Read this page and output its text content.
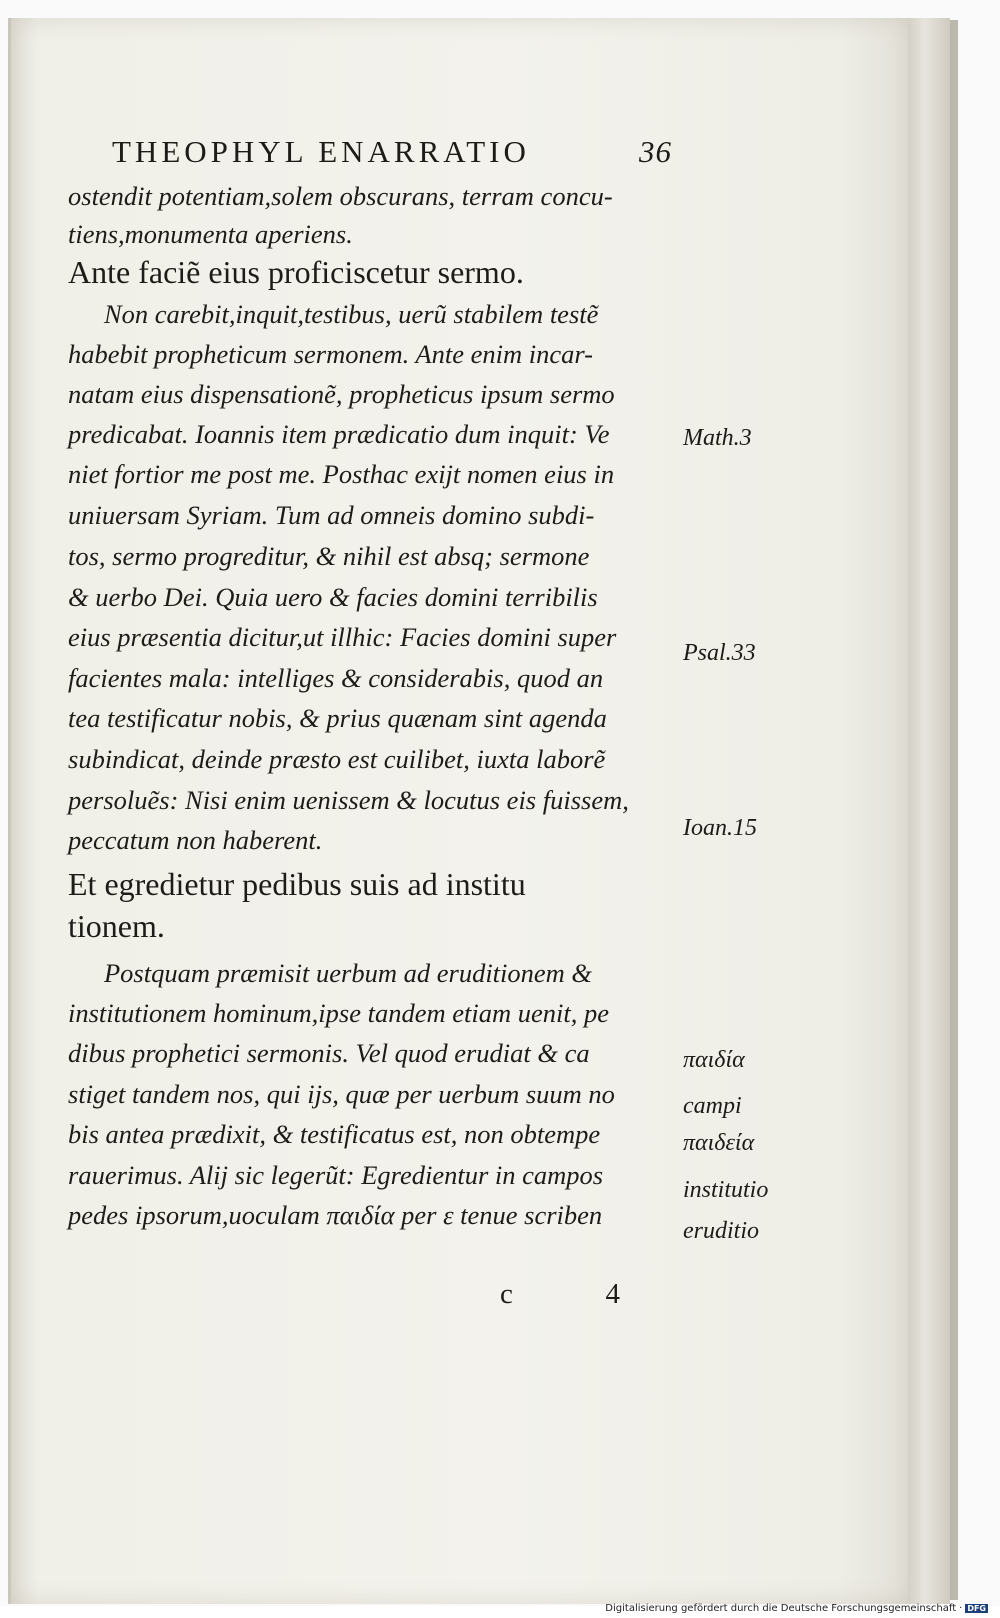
THEOPHYL ENARRATIO	36
ostendit potentiam,solem obscurans, terram concu-
tiens,monumenta aperiens.
Ante faciẽ eius proficiscetur sermo.
Non carebit,inquit,testibus, uerũ stabilem testẽ
habebit propheticum sermonem. Ante enim incar-
natam eius dispensationẽ, propheticus ipsum sermo
predicabat. Ioannis item prædicatio dum inquit: Ve
niet fortior me post me. Posthac exijt nomen eius in
uniuersam Syriam. Tum ad omneis domino subdi-
tos, sermo progreditur, & nihil est absq; sermone
& uerbo Dei. Quia uero & facies domini terribilis
eius præsentia dicitur,ut illhic: Facies domini super
facientes mala: intelliges & considerabis, quod an
tea testificatur nobis, & prius quænam sint agenda
subindicat, deinde præsto est cuilibet, iuxta laborẽ
persoluẽs: Nisi enim uenissem & locutus eis fuissem,
peccatum non haberent.
Et egredietur pedibus suis ad institu
tionem.
Postquam præmisit uerbum ad eruditionem &
institutionem hominum,ipse tandem etiam uenit, pe
dibus prophetici sermonis. Vel quod erudiat & ca
stiget tandem nos, qui ijs, quæ per uerbum suum no
bis antea prædixit, & testificatus est, non obtempe
rauerimus. Alij sic legerũt: Egredientur in campos
pedes ipsorum,uoculam παιδία per ε tenue scriben
Math.3
Psal.33
Ioan.15
παιδία
campi
παιδεία
institutio
eruditio
c	4
Digitalisierung gefördert durch die Deutsche Forschungsgemeinschaft · DFG
